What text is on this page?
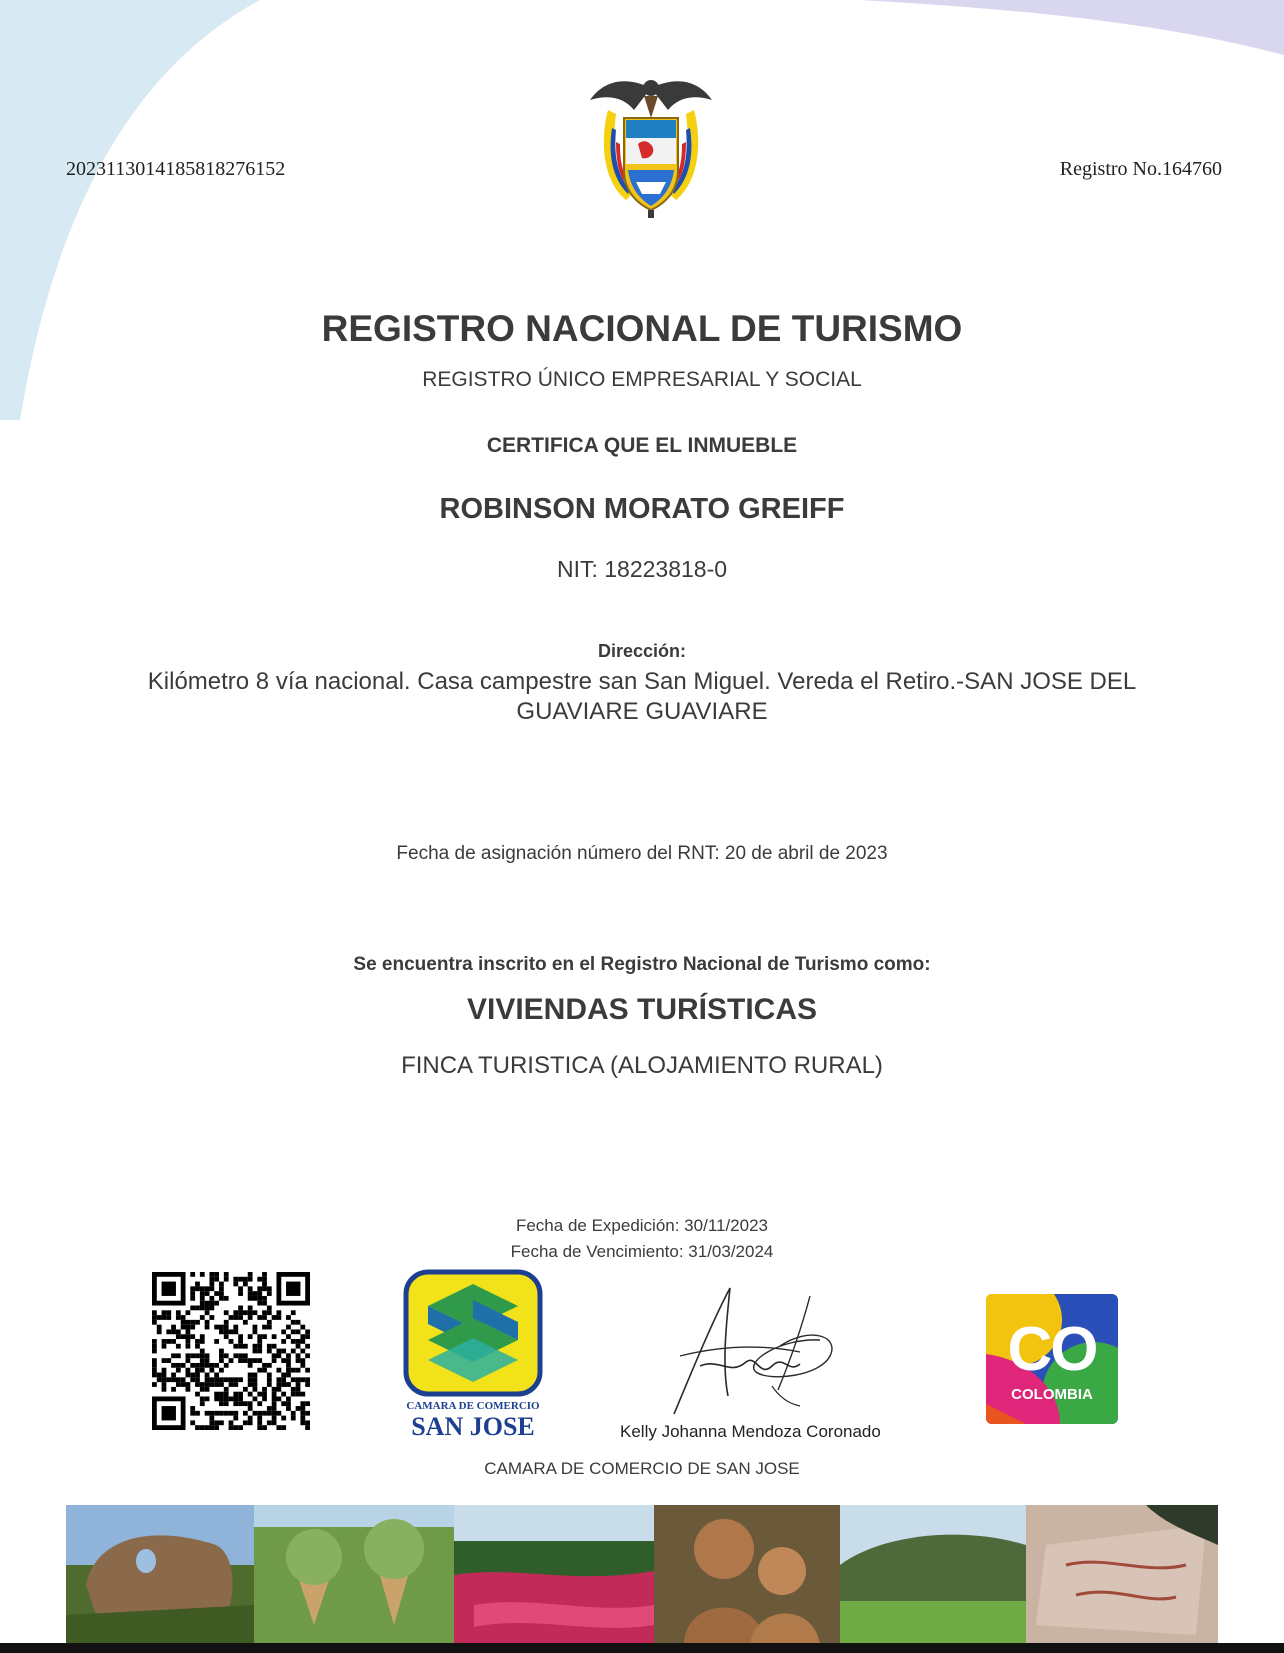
20231130141858182​76152	Registro No.164760
REGISTRO NACIONAL DE TURISMO
REGISTRO ÚNICO EMPRESARIAL Y SOCIAL
CERTIFICA QUE EL INMUEBLE
ROBINSON MORATO GREIFF
NIT: 18223818-0
Dirección:
Kilómetro 8 vía nacional. Casa campestre san San Miguel. Vereda el Retiro.-SAN JOSE DEL GUAVIARE GUAVIARE
Fecha de asignación número del RNT: 20 de abril de 2023
Se encuentra inscrito en el Registro Nacional de Turismo como:
VIVIENDAS TURÍSTICAS
FINCA TURISTICA (ALOJAMIENTO RURAL)
Fecha de Expedición: 30/11/2023
Fecha de Vencimiento: 31/03/2024
CAMARA DE COMERCIO
SAN JOSE	Kelly Johanna Mendoza Coronado
CAMARA DE COMERCIO DE SAN JOSE
CO
COLOMBIA
